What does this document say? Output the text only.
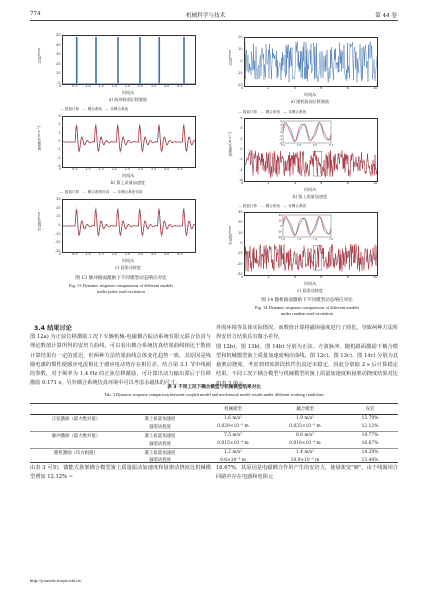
774	机械科学与技术	第 44 卷
位移/mm
50
40
30
20
10
0
0	0.5 1.0 1.5 2.0 2.5 3.0 3.5 4.0 4.5
时间/s
a) 脉冲路面位移激励
— 数值计算 --- 耦合系统 — 非耦合系统
加速度/(m·s⁻²)
3
2
1
0
-1
-2
-3
0	0.5 1.0 1.5 2.0 2.5 3.0 3.5 4.0 4.5
时间/s
b) 簧上质量加速度
— 数值计算 --- 耦合系统仿真 — 非耦合系统仿真
动挠度/mm
30
20
10
0
-10
-20
-30
0	0.5 1.0 1.5 2.0 2.5 3.0 3.5 4.0 4.5
时间/s
c) 悬架动挠度
图 13 脉冲路面激励下不同模型动态响应对比
Fig. 13 Dynamic response comparisons of different models
under pulse road excitation
位移/mm
20
10
0
-10
-20
0	2	4	6	8	10
时间/s
a) 随机路面位移激励
— 数值计算 --- 耦合系统 — 非耦合系统
加速度/(m·s⁻²)
6
4
2
0
-2
-4
-6
5.1	5.3	5.5	5.7
6
4
2
0
-2
-4
-6
0	2	4	6	8	10
时间/s
b) 簧上质量加速度
— 数值计算 --- 耦合系统 — 非耦合系统
动挠度/mm
40
20
0
-20
-40
7.0	7.2	7.4	7.6
30
20
10
0
-10
-20
-30
0	2	4	6	8	10
时间/s
c) 悬架动挠度
图 14 随机路面激励下不同模型动态响应对比
Fig. 14 Dynamic response comparisons of different models
under random road excitation
3.4 结果讨论

图 12a) 为正弦位移激励工况下车辆机械-电磁耦合振动系统有限元联合仿真与理论数值计算所得的安培力曲线，可以看出耦合系统仿真结果曲线相比于数值计算结果有一定的延迟，但两种方法结果曲线总体变化趋势一致。其原因是线圈电感的惯性使感应电流相比于感应电动势存在相位差。结合第 3.1 节中线圈的参数，对于频率为 1.4 Hz 的正弦位移激励，可计算出动力输出滞后于位移激励 0.171 s。另外耦合系统仿真环境中可以考虑永磁体的尺寸、

外围环境等具体实际情况，而数值计算将磁场强度进行了简化，导致两种方法所得安培力结果具有微小差异。
图 12b)、图 13b)、图 14b) 分别为正弦、方波脉冲、随机路面激励下耦合模型和机械模型簧上质量加速度响应曲线，图 12c)、图 13c)、图 14c) 分别为其悬架动挠度。考虑到初始阶段软件仿真还未稳定，因此分别取 2 s 后计算稳定结果。不同工况下耦合模型与机械模型的簧上质量加速度和悬架动挠度结果对比如表 3 所示。

表 3 不同工况下耦合模型与机械模型结果对比
Tab. 3 Dynamic response comparison between coupled model and mechanical model results under different working conditions
		机械模型	耦合模型	误差
正弦激励（最大绝对值）	簧上质量加速度	1.6 m/s²	1.9 m/s²	15.79%
	悬架动挠度	0.029×10⁻³ m	0.033×10⁻³ m	12.12%
脉冲激励（最大绝对值）	簧上质量加速度	7.5 m/s²	8.8 m/s²	14.77%
	悬架动挠度	0.015×10⁻³ m	0.018×10⁻³ m	16.67%
随机激励（均方根值）	簧上质量加速度	1.2 m/s²	1.4 m/s²	14.29%
	悬架动挠度	9.6×10⁻³ m	10.9×10⁻³ m	13.44%

由表 3 可知，馈能式悬架耦合模型簧上质量振动加速度和悬架动挠度比机械模型增加 12.12% ~

16.67%，其原因是电磁耦合作用产生的安培力，使悬架变"硬"。由于线圈闭合回路中存在电感和电阻元

http://journals.nwpu.edu.cn/
